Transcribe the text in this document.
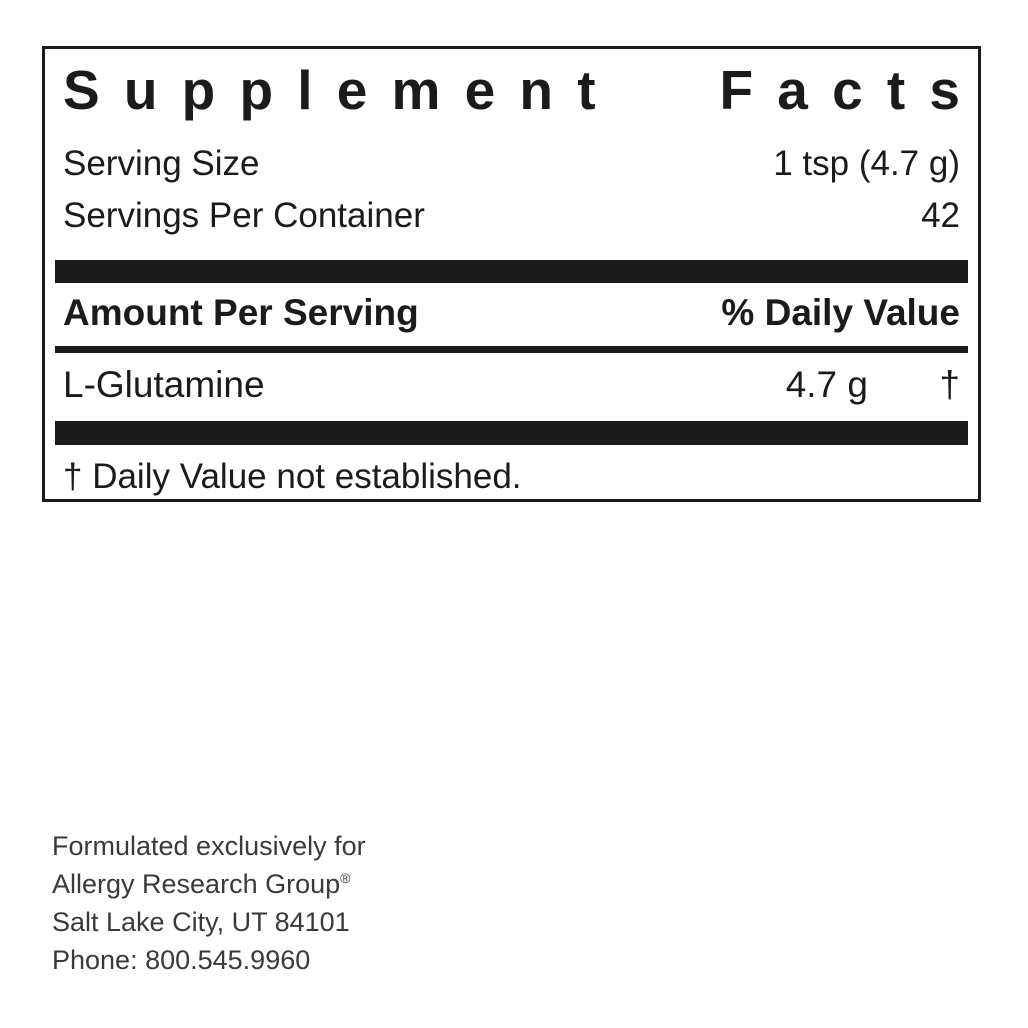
Supplement Facts
Serving Size	1 tsp (4.7 g)
Servings Per Container	42
Amount Per Serving	% Daily Value
L-Glutamine	4.7 g	†
† Daily Value not established.
Formulated exclusively for
Allergy Research Group®
Salt Lake City, UT 84101
Phone: 800.545.9960
